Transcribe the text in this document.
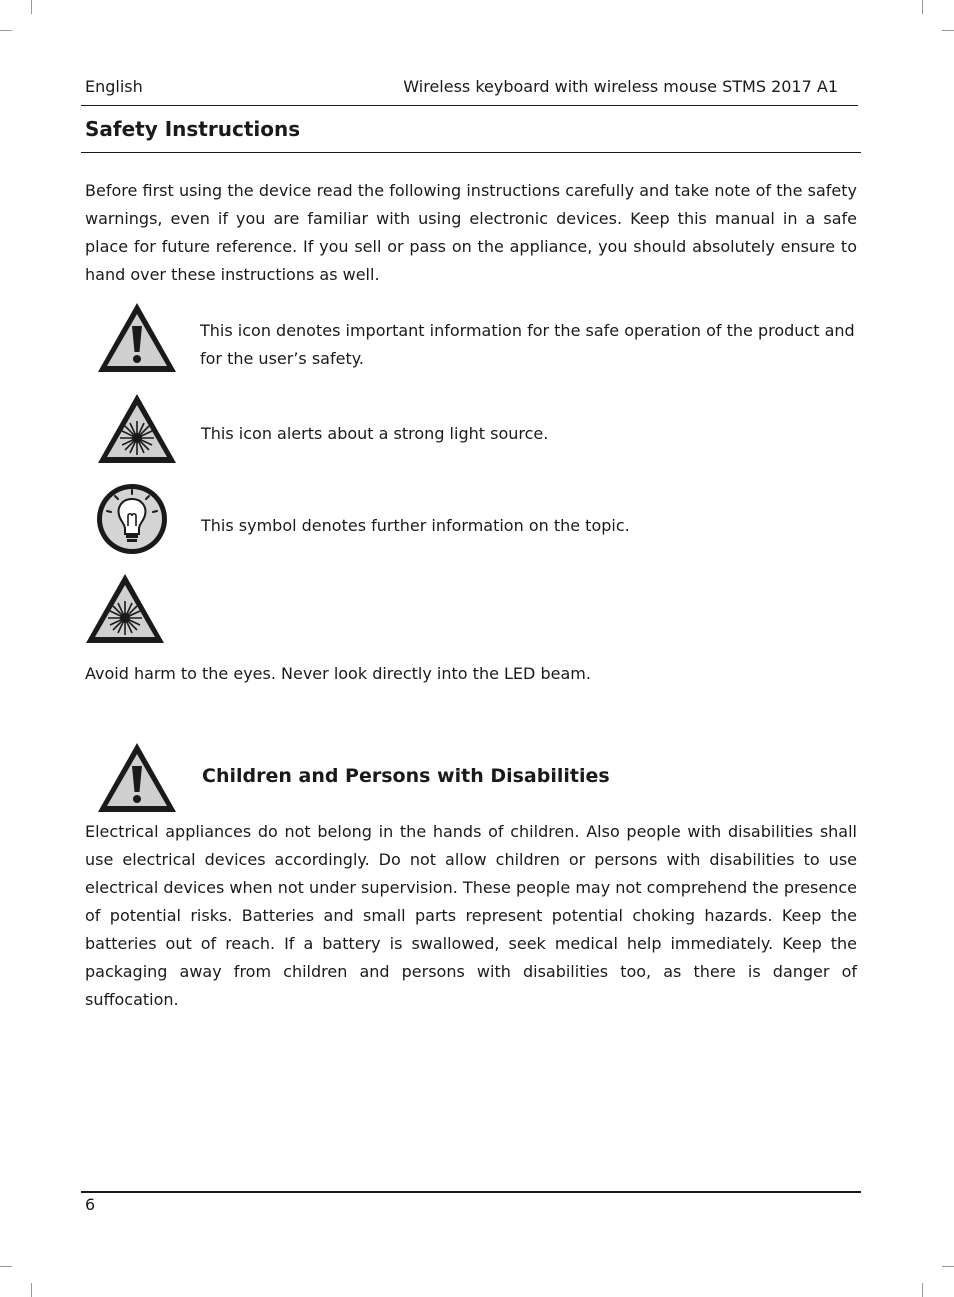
English	Wireless keyboard with wireless mouse STMS 2017 A1
Safety Instructions

Before first using the device read the following instructions carefully and take note of the safety warnings, even if you are familiar with using electronic devices. Keep this manual in a safe place for future reference. If you sell or pass on the appliance, you should absolutely ensure to hand over these instructions as well.

This icon denotes important information for the safe operation of the product and
for the user’s safety.
This icon alerts about a strong light source.
This symbol denotes further information on the topic.
Avoid harm to the eyes. Never look directly into the LED beam.
Children and Persons with Disabilities

Electrical appliances do not belong in the hands of children. Also people with disabilities shall use electrical devices accordingly. Do not allow children or persons with disabilities to use electrical devices when not under supervision. These people may not comprehend the presence of potential risks. Batteries and small parts represent potential choking hazards. Keep the batteries out of reach. If a battery is swallowed, seek medical help immediately. Keep the packaging away from children and persons with disabilities too, as there is danger of suffocation.

6
